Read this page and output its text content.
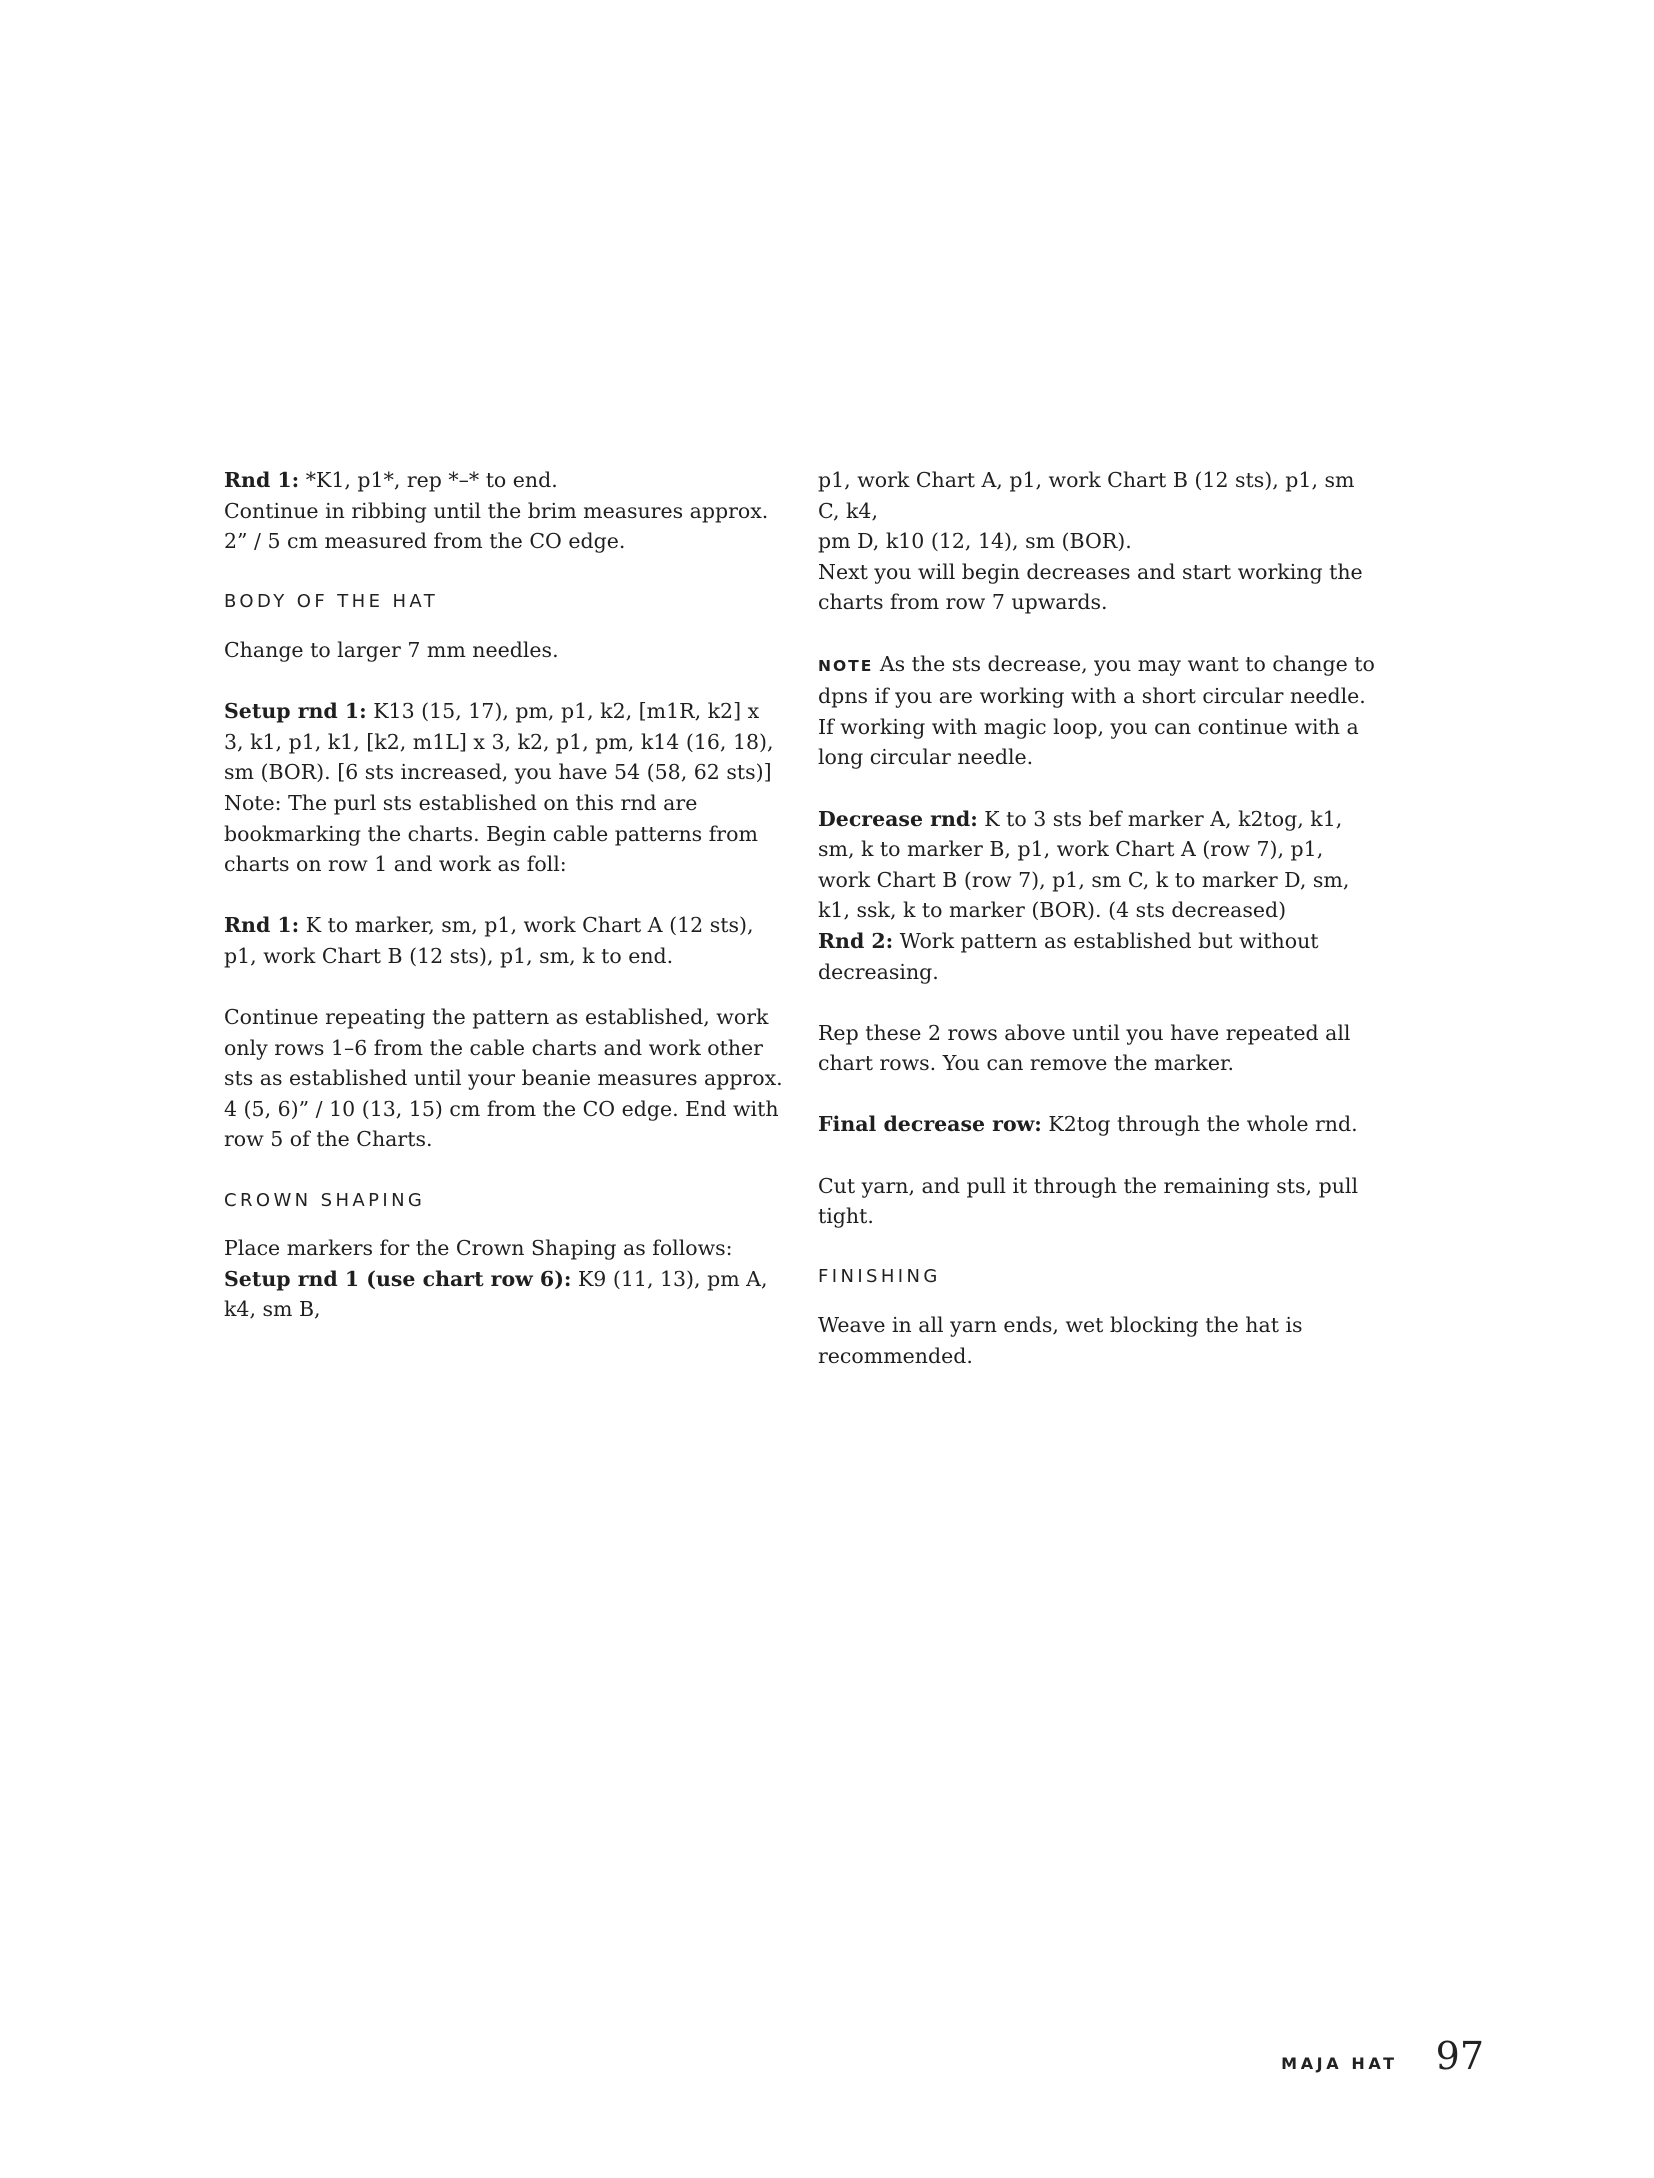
Rnd 1: *K1, p1*, rep *–* to end.
Continue in ribbing until the brim measures approx.
2” / 5 cm measured from the CO edge.

BODY OF THE HAT

Change to larger 7 mm needles.

Setup rnd 1: K13 (15, 17), pm, p1, k2, [m1R, k2] x 3, k1, p1, k1, [k2, m1L] x 3, k2, p1, pm, k14 (16, 18), sm (BOR). [6 sts increased, you have 54 (58, 62 sts)] Note: The purl sts established on this rnd are bookmarking the charts. Begin cable patterns from charts on row 1 and work as foll:

Rnd 1: K to marker, sm, p1, work Chart A (12 sts), p1, work Chart B (12 sts), p1, sm, k to end.

Continue repeating the pattern as established, work only rows 1–6 from the cable charts and work other sts as established until your beanie measures approx. 4 (5, 6)” / 10 (13, 15) cm from the CO edge. End with row 5 of the Charts.

CROWN SHAPING

Place markers for the Crown Shaping as follows:
Setup rnd 1 (use chart row 6): K9 (11, 13), pm A, k4, sm B,

p1, work Chart A, p1, work Chart B (12 sts), p1, sm C, k4,
pm D, k10 (12, 14), sm (BOR).
Next you will begin decreases and start working the charts from row 7 upwards.

NOTE As the sts decrease, you may want to change to dpns if you are working with a short circular needle. If working with magic loop, you can continue with a long circular needle.

Decrease rnd: K to 3 sts bef marker A, k2tog, k1, sm, k to marker B, p1, work Chart A (row 7), p1, work Chart B (row 7), p1, sm C, k to marker D, sm, k1, ssk, k to marker (BOR). (4 sts decreased)
Rnd 2: Work pattern as established but without decreasing.

Rep these 2 rows above until you have repeated all chart rows. You can remove the marker.

Final decrease row: K2tog through the whole rnd.

Cut yarn, and pull it through the remaining sts, pull tight.

FINISHING

Weave in all yarn ends, wet blocking the hat is recommended.

MAJA HAT 97
